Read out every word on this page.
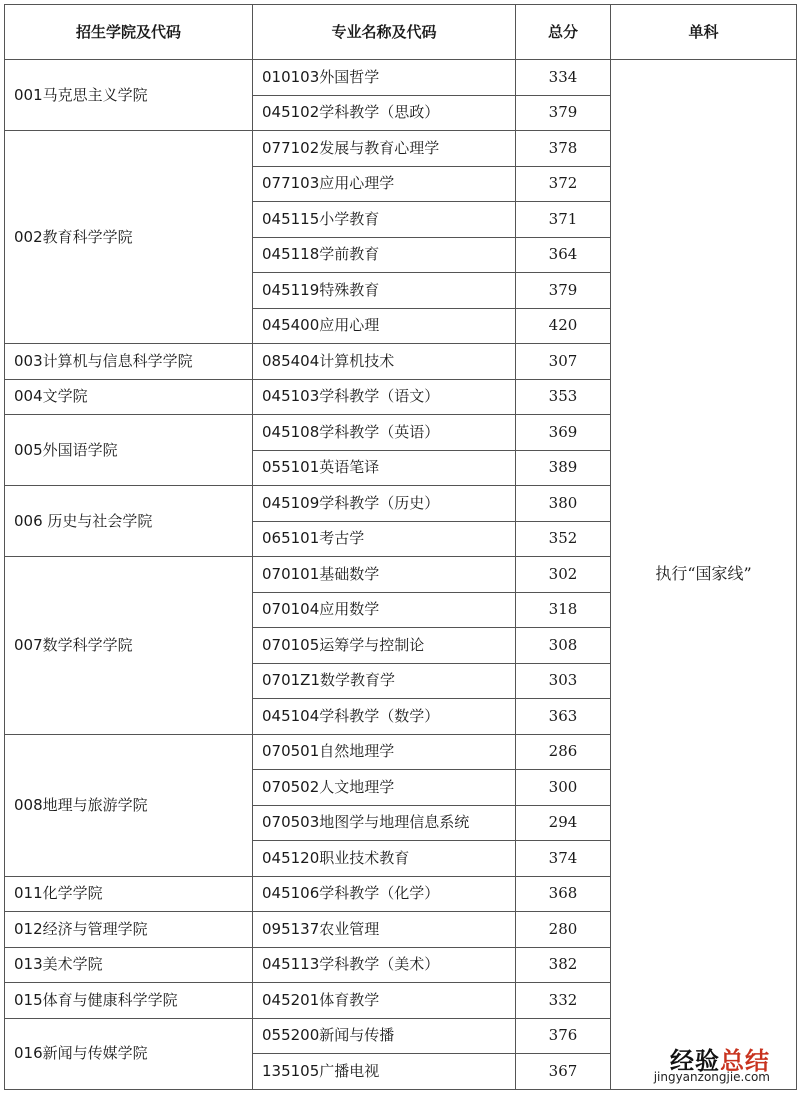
招生学院及代码	专业名称及代码	总分	单科
001马克思主义学院	010103外国哲学	334	执行“国家线”
	045102学科教学（思政）	379	
002教育科学学院	077102发展与教育心理学	378	
	077103应用心理学	372	
	045115小学教育	371	
	045118学前教育	364	
	045119特殊教育	379	
	045400应用心理	420	
003计算机与信息科学学院	085404计算机技术	307	
004文学院	045103学科教学（语文）	353	
005外国语学院	045108学科教学（英语）	369	
	055101英语笔译	389	
006 历史与社会学院	045109学科教学（历史）	380	
	065101考古学	352	
007数学科学学院	070101基础数学	302	
	070104应用数学	318	
	070105运筹学与控制论	308	
	0701Z1数学教育学	303	
	045104学科教学（数学）	363	
008地理与旅游学院	070501自然地理学	286	
	070502人文地理学	300	
	070503地图学与地理信息系统	294	
	045120职业技术教育	374	
011化学学院	045106学科教学（化学）	368	
012经济与管理学院	095137农业管理	280	
013美术学院	045113学科教学（美术）	382	
015体育与健康科学学院	045201体育教学	332	
016新闻与传媒学院	055200新闻与传播	376	
	135105广播电视	367		经验总结
jingyanzongjie.com
